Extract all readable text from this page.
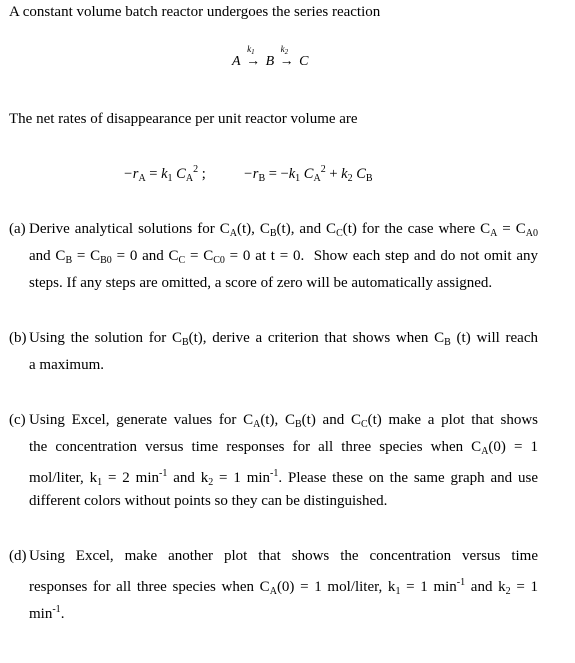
A constant volume batch reactor undergoes the series reaction
A
$k_1$
→ B
$k_2$
→ C
The net rates of disappearance per unit reactor volume are
$-r_A = k_1$ $C_A^2$ ;	$-r_B = -k_1$ $C_A^2 + k_2$ $C_B$
(a) Derive analytical solutions for $C_A(t)$, $C_B(t)$, and $C_C(t)$ for the case where $C_A = C_{A0}$
and $C_B = C_{B0} = 0$ and $C_C = C_{C0} = 0$ at t = 0.  Show each step and do not omit any
steps. If any steps are omitted, a score of zero will be automatically assigned.
(b) Using the solution for $C_B(t)$, derive a criterion that shows when $C_B$ (t) will reach
a maximum.
(c) Using Excel, generate values for $C_A(t)$, $C_B(t)$ and $C_C(t)$ make a plot that shows
the concentration versus time responses for all three species when $C_A(0) = 1$
mol/liter, $k_1 = 2$ $\min^{-1}$ and $k_2 = 1$ $\min^{-1}$. Please these on the same graph and use
different colors without points so they can be distinguished.
(d) Using Excel, make another plot that shows the concentration versus time
responses for all three species when $C_A(0) = 1$ mol/liter, $k_1 = 1$ $\min^{-1}$ and $k_2 = 1$
$\min^{-1}$.
